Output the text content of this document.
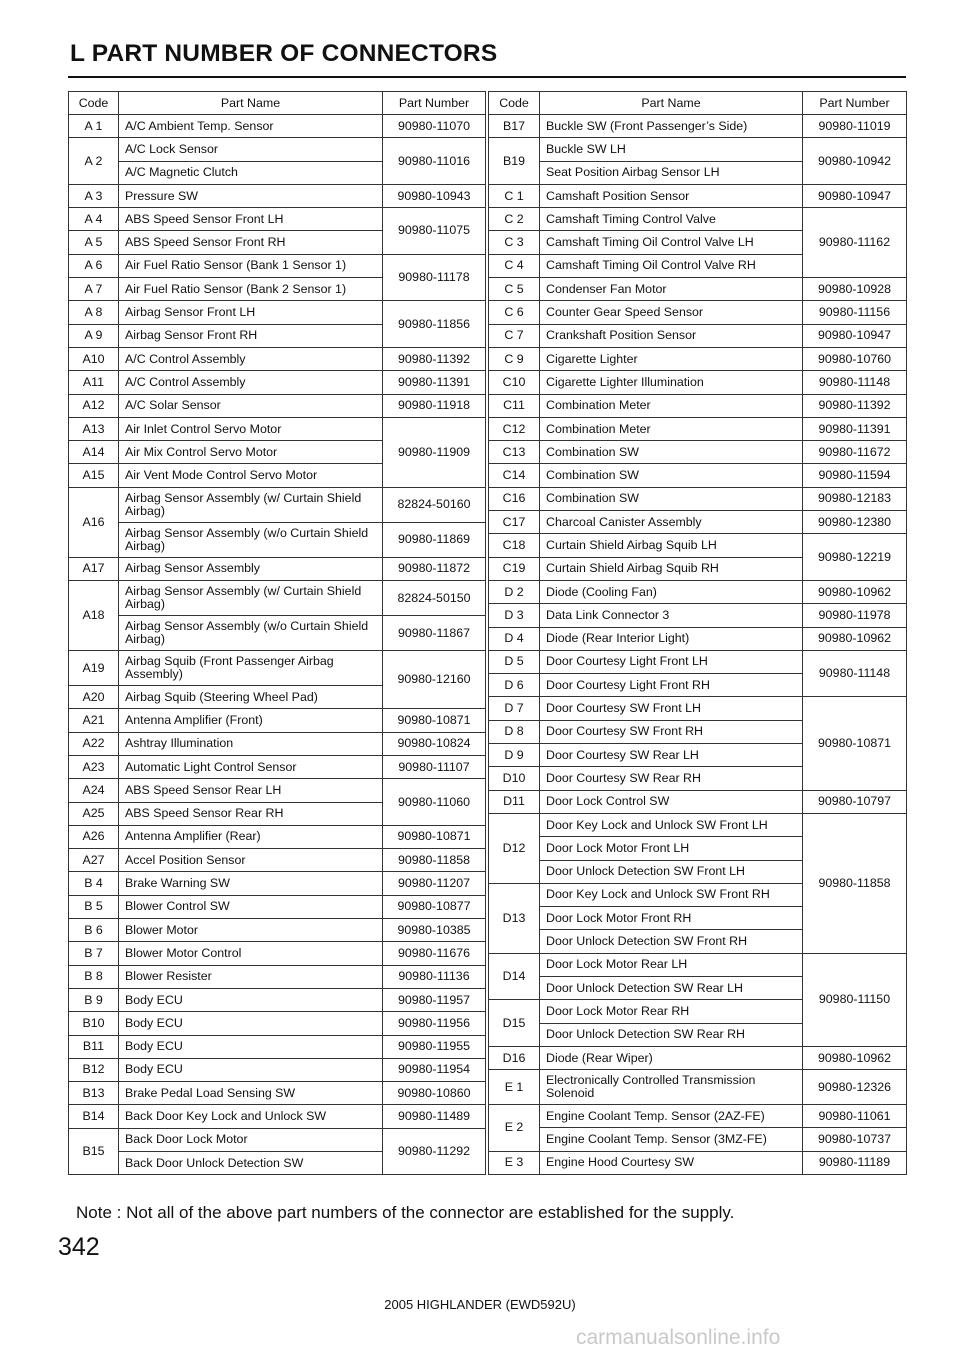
L PART NUMBER OF CONNECTORS
Code	Part Name	Part Number
A 1	A/C Ambient Temp. Sensor	90980-11070
A 2	A/C Lock Sensor	90980-11016
	A/C Magnetic Clutch	
A 3	Pressure SW	90980-10943
A 4	ABS Speed Sensor Front LH	90980-11075
A 5	ABS Speed Sensor Front RH	
A 6	Air Fuel Ratio Sensor (Bank 1 Sensor 1)	90980-11178
A 7	Air Fuel Ratio Sensor (Bank 2 Sensor 1)	
A 8	Airbag Sensor Front LH	90980-11856
A 9	Airbag Sensor Front RH	
A10	A/C Control Assembly	90980-11392
A11	A/C Control Assembly	90980-11391
A12	A/C Solar Sensor	90980-11918
A13	Air Inlet Control Servo Motor	90980-11909
A14	Air Mix Control Servo Motor	
A15	Air Vent Mode Control Servo Motor	
A16	Airbag Sensor Assembly (w/ Curtain Shield Airbag)	82824-50160
	Airbag Sensor Assembly (w/o Curtain Shield Airbag)	90980-11869
A17	Airbag Sensor Assembly	90980-11872
A18	Airbag Sensor Assembly (w/ Curtain Shield Airbag)	82824-50150
	Airbag Sensor Assembly (w/o Curtain Shield Airbag)	90980-11867
A19	Airbag Squib (Front Passenger Airbag Assembly)	90980-12160
A20	Airbag Squib (Steering Wheel Pad)	
A21	Antenna Amplifier (Front)	90980-10871
A22	Ashtray Illumination	90980-10824
A23	Automatic Light Control Sensor	90980-11107
A24	ABS Speed Sensor Rear LH	90980-11060
A25	ABS Speed Sensor Rear RH	
A26	Antenna Amplifier (Rear)	90980-10871
A27	Accel Position Sensor	90980-11858
B 4	Brake Warning SW	90980-11207
B 5	Blower Control SW	90980-10877
B 6	Blower Motor	90980-10385
B 7	Blower Motor Control	90980-11676
B 8	Blower Resister	90980-11136
B 9	Body ECU	90980-11957
B10	Body ECU	90980-11956
B11	Body ECU	90980-11955
B12	Body ECU	90980-11954
B13	Brake Pedal Load Sensing SW	90980-10860
B14	Back Door Key Lock and Unlock SW	90980-11489
B15	Back Door Lock Motor	90980-11292
	Back Door Unlock Detection SW	
Code	Part Name	Part Number
B17	Buckle SW (Front Passenger’s Side)	90980-11019
B19	Buckle SW LH	90980-10942
	Seat Position Airbag Sensor LH	
C 1	Camshaft Position Sensor	90980-10947
C 2	Camshaft Timing Control Valve	90980-11162
C 3	Camshaft Timing Oil Control Valve LH	
C 4	Camshaft Timing Oil Control Valve RH	
C 5	Condenser Fan Motor	90980-10928
C 6	Counter Gear Speed Sensor	90980-11156
C 7	Crankshaft Position Sensor	90980-10947
C 9	Cigarette Lighter	90980-10760
C10	Cigarette Lighter Illumination	90980-11148
C11	Combination Meter	90980-11392
C12	Combination Meter	90980-11391
C13	Combination SW	90980-11672
C14	Combination SW	90980-11594
C16	Combination SW	90980-12183
C17	Charcoal Canister Assembly	90980-12380
C18	Curtain Shield Airbag Squib LH	90980-12219
C19	Curtain Shield Airbag Squib RH	
D 2	Diode (Cooling Fan)	90980-10962
D 3	Data Link Connector 3	90980-11978
D 4	Diode (Rear Interior Light)	90980-10962
D 5	Door Courtesy Light Front LH	90980-11148
D 6	Door Courtesy Light Front RH	
D 7	Door Courtesy SW Front LH	90980-10871
D 8	Door Courtesy SW Front RH	
D 9	Door Courtesy SW Rear LH	
D10	Door Courtesy SW Rear RH	
D11	Door Lock Control SW	90980-10797
D12	Door Key Lock and Unlock SW Front LH	90980-11858
	Door Lock Motor Front LH	
	Door Unlock Detection SW Front LH	
D13	Door Key Lock and Unlock SW Front RH	
	Door Lock Motor Front RH	
	Door Unlock Detection SW Front RH	
D14	Door Lock Motor Rear LH	90980-11150
	Door Unlock Detection SW Rear LH	
D15	Door Lock Motor Rear RH	
	Door Unlock Detection SW Rear RH	
D16	Diode (Rear Wiper)	90980-10962
E 1	Electronically Controlled Transmission Solenoid	90980-12326
E 2	Engine Coolant Temp. Sensor (2AZ-FE)	90980-11061
	Engine Coolant Temp. Sensor (3MZ-FE)	90980-10737
E 3	Engine Hood Courtesy SW	90980-11189
Note : Not all of the above part numbers of the connector are established for the supply.
342
2005 HIGHLANDER (EWD592U)
carmanualsonline.info
